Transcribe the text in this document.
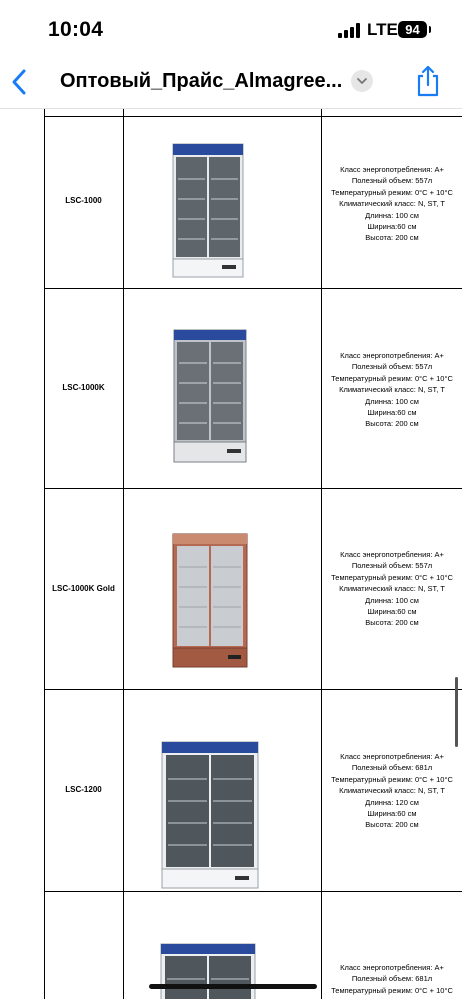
10:04	LTE 94
Оптовый_Прайс_Almagree...
LSC-1000
Класс энергопотребления: A+
Полезный объем: 557л
Температурный режим: 0°C + 10°C
Климатический класс: N, ST, T
Длинна: 100 см
Ширина:60 см
Высота: 200 см
LSC-1000K
Класс энергопотребления: A+
Полезный объем: 557л
Температурный режим: 0°C + 10°C
Климатический класс: N, ST, T
Длинна: 100 см
Ширина:60 см
Высота: 200 см
LSC-1000K Gold
Класс энергопотребления: A+
Полезный объем: 557л
Температурный режим: 0°C + 10°C
Климатический класс: N, ST, T
Длинна: 100 см
Ширина:60 см
Высота: 200 см
LSC-1200
Класс энергопотребления: A+
Полезный объем: 681л
Температурный режим: 0°C + 10°C
Климатический класс: N, ST, T
Длинна: 120 см
Ширина:60 см
Высота: 200 см
Класс энергопотребления: A+
Полезный объем: 681л
Температурный режим: 0°C + 10°C
